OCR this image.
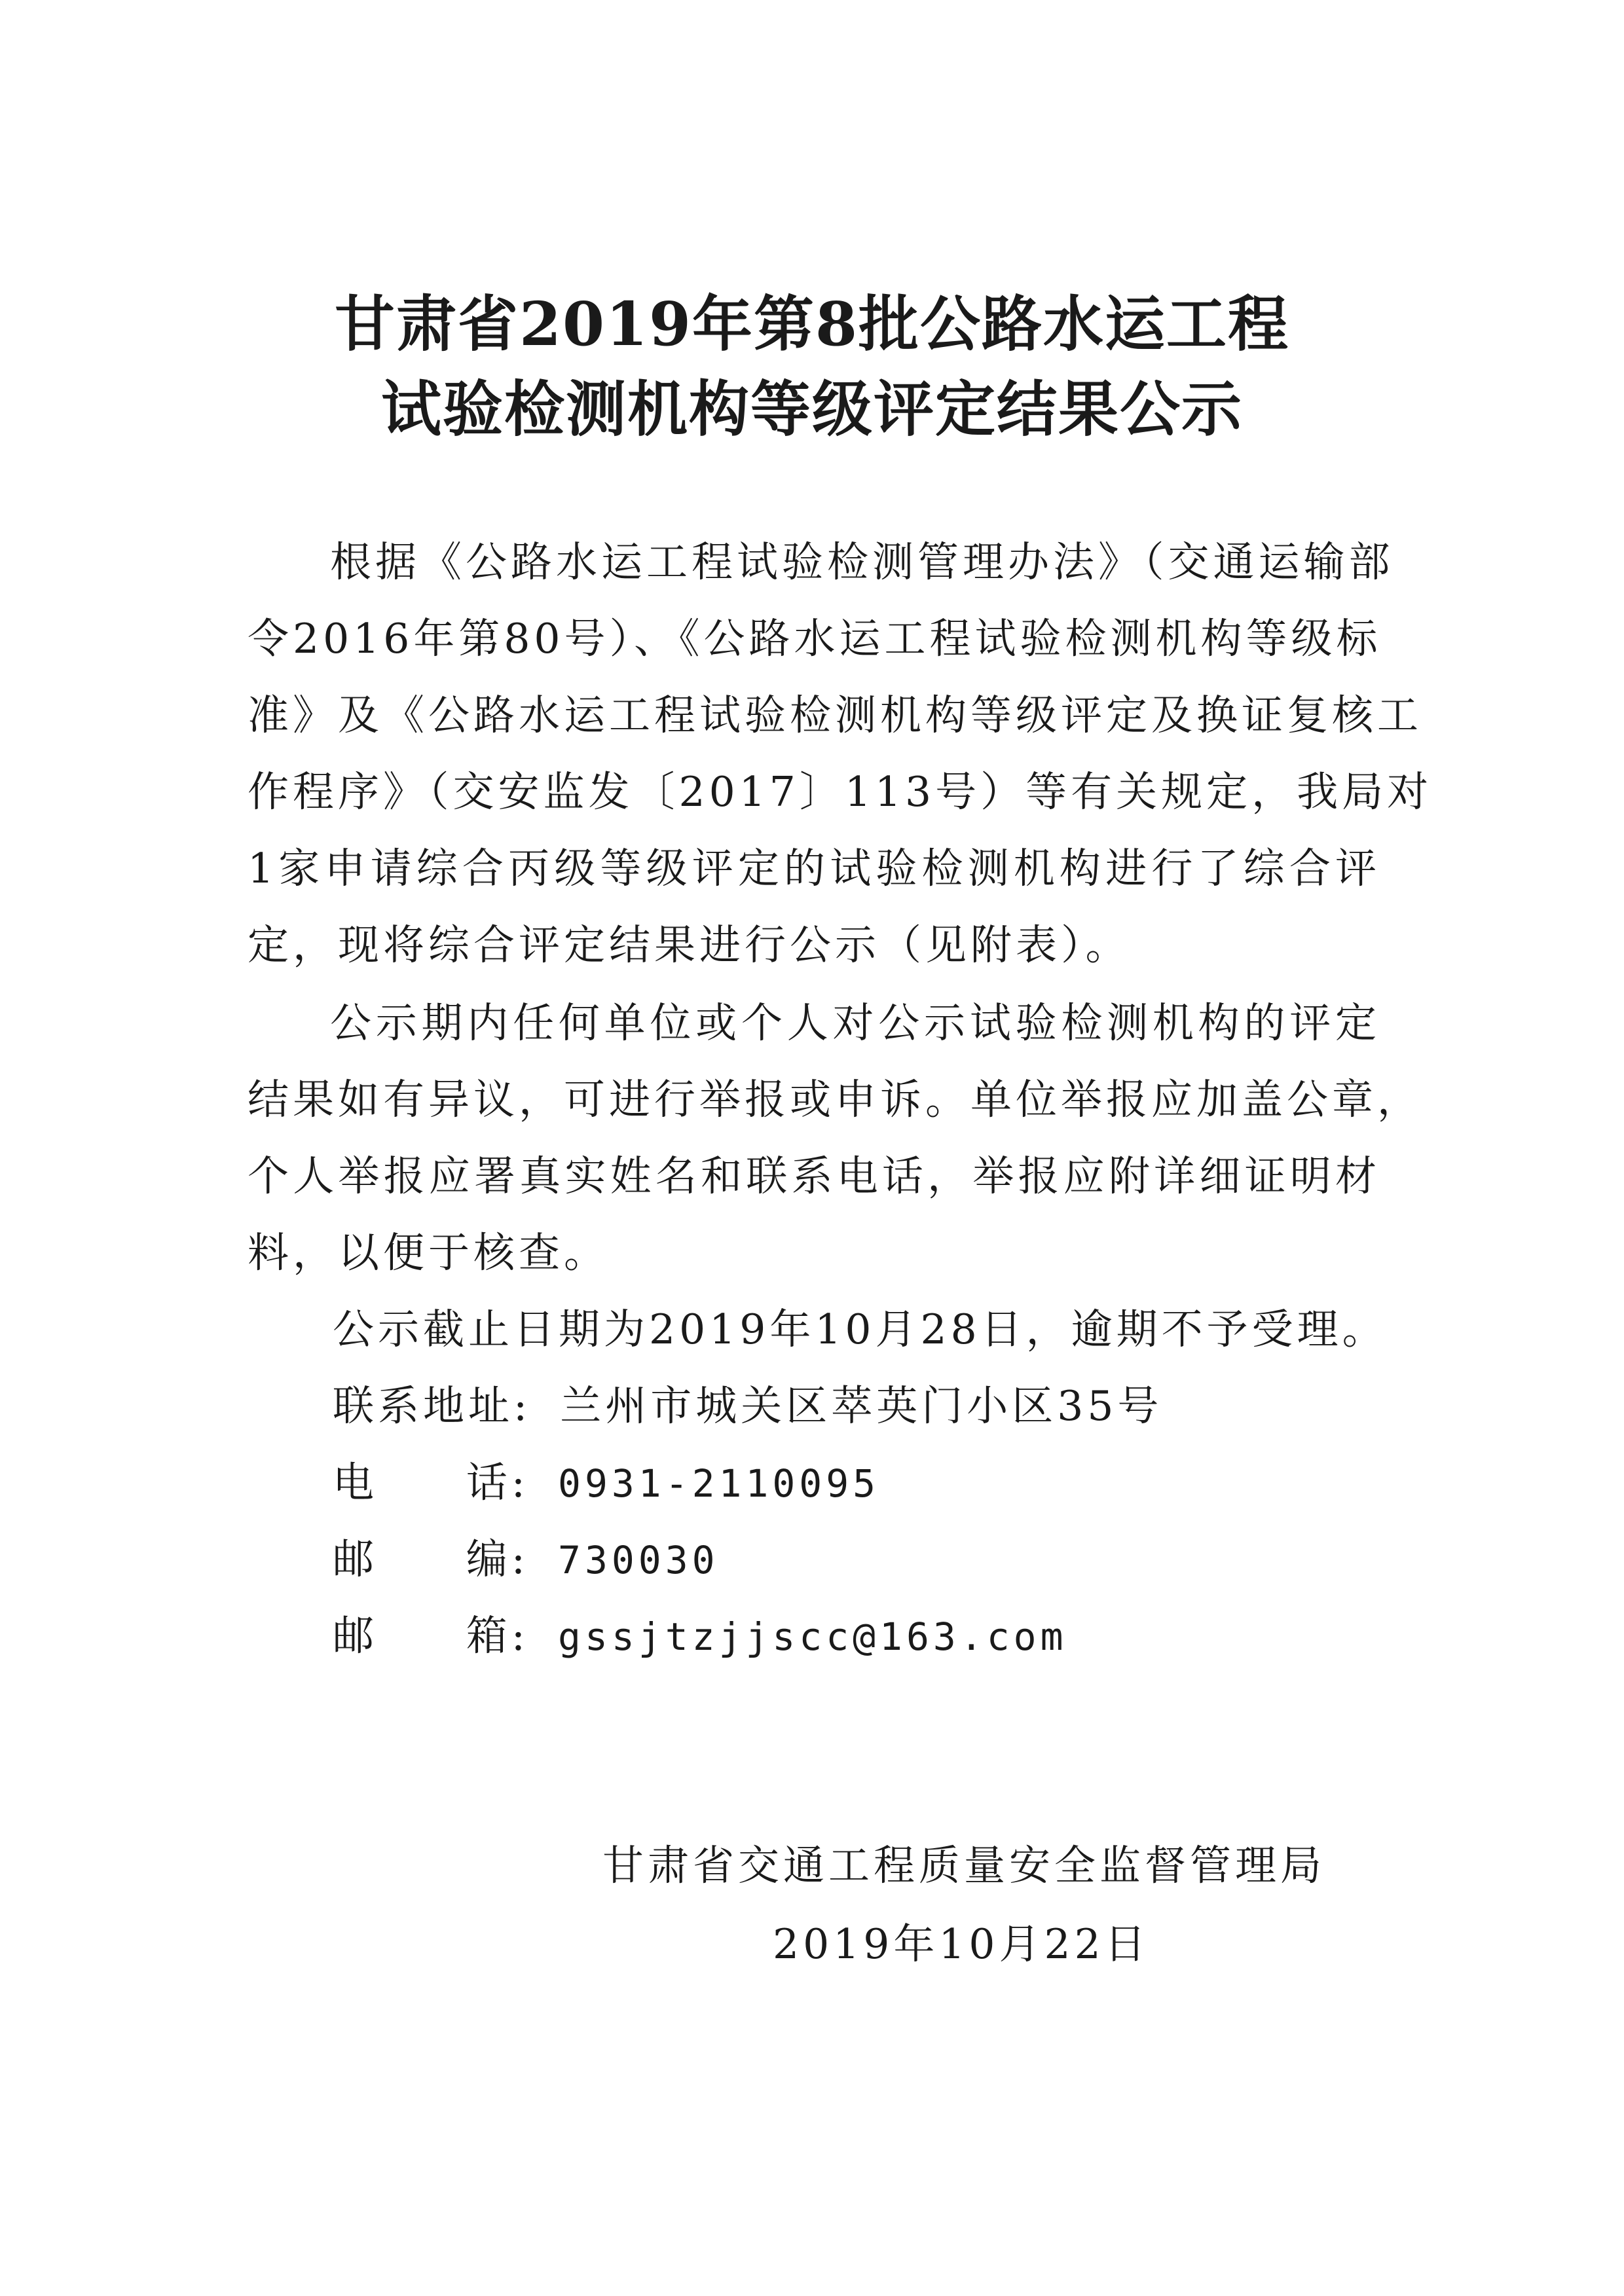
甘肃省2019年第8批公路水运工程
试验检测机构等级评定结果公示
根据《公路水运工程试验检测管理办法》（交通运输部
令2016年第80号）、《公路水运工程试验检测机构等级标
准》及《公路水运工程试验检测机构等级评定及换证复核工
作程序》（交安监发〔2017〕113号）等有关规定，我局对
1家申请综合丙级等级评定的试验检测机构进行了综合评
定，现将综合评定结果进行公示（见附表）。
公示期内任何单位或个人对公示试验检测机构的评定
结果如有异议，可进行举报或申诉。单位举报应加盖公章，
个人举报应署真实姓名和联系电话，举报应附详细证明材
料，以便于核查。
公示截止日期为2019年10月28日，逾期不予受理。
联系地址: 兰州市城关区萃英门小区35号
电 话: 0931-2110095
邮 编: 730030
邮 箱: gssjtzjjscc@163.com
甘肃省交通工程质量安全监督管理局
2019年10月22日
